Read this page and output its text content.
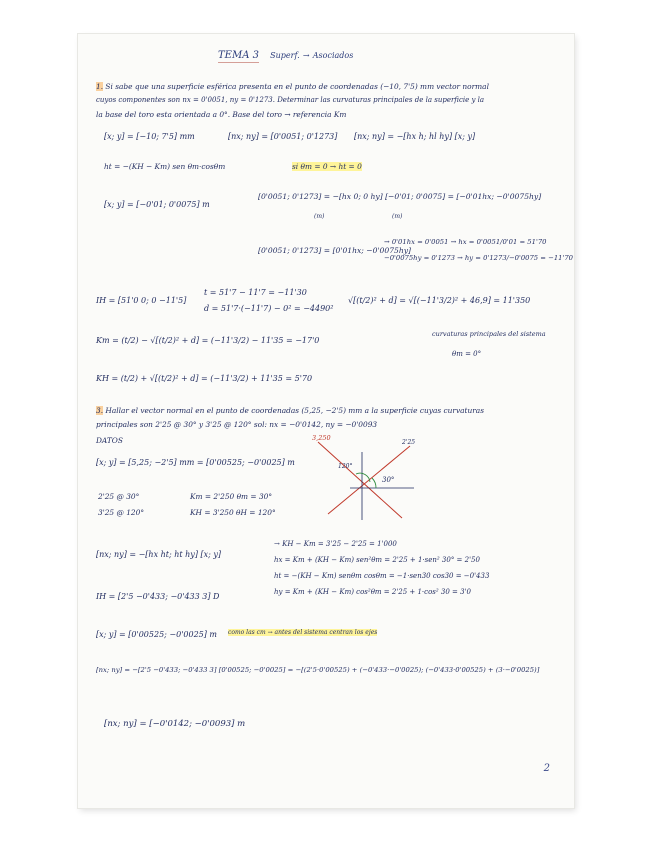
TEMA 3 Superf. → Asociados
1. Si sabe que una superficie esférica presenta en el punto de coordenadas (−10, 7'5) mm vector normal
cuyos componentes son nx = 0'0051, ny = 0'1273. Determinar las curvaturas principales de la superficie y la
la base del toro esta orientada a 0°. Base del toro → referencia Km
[x; y] = [−10; 7'5] mm	[nx; ny] = [0'0051; 0'1273] [nx; ny] = −[hx h; hl hy] [x; y]
ht = −(KH − Km) sen θm·cosθm	si θm = 0 → ht = 0
[x; y] = [−0'01; 0'0075] m
[0'0051; 0'1273] = −[hx 0; 0 hy] [−0'01; 0'0075] = [−0'01hx; −0'0075hy]
(m)	(m)
[0'0051; 0'1273] = [0'01hx; −0'0075hy]
→ 0'01hx = 0'0051 → hx = 0'0051/0'01 = 51'70
−0'0075hy = 0'1273 → hy = 0'1273/−0'0075 = −11'70
IH = [51'0 0; 0 −11'5]
t = 51'7 − 11'7 = −11'30
d = 51'7·(−11'7) − 0² = −4490²
√[(t/2)² + d] = √[(−11'3/2)² + 46,9] = 11'350
Km = (t/2) − √[(t/2)² + d] = (−11'3/2) − 11'35 = −17'0
KH = (t/2) + √[(t/2)² + d] = (−11'3/2) + 11'35 = 5'70
curvaturas principales del sistema
θm = 0°
3. Hallar el vector normal en el punto de coordenadas (5,25, −2'5) mm a la superficie cuyas curvaturas
principales son 2'25 @ 30° y 3'25 @ 120° sol: nx = −0'0142, ny = −0'0093
DATOS
[x; y] = [5,25; −2'5] mm = [0'00525; −0'0025] m
3,250
2'25
120°
30°
2'25 @ 30°
3'25 @ 120°
Km = 2'250 θm = 30°
KH = 3'250 θH = 120°
[nx; ny] = −[hx ht; ht hy] [x; y]
→ KH − Km = 3'25 − 2'25 = 1'000
hx = Km + (KH − Km) sen²θm = 2'25 + 1·sen² 30° = 2'50
ht = −(KH − Km) senθm cosθm = −1·sen30 cos30 = −0'433
hy = Km + (KH − Km) cos²θm = 2'25 + 1·cos² 30 = 3'0
IH = [2'5 −0'433; −0'433 3] D
[x; y] = [0'00525; −0'0025] m como las cm → antes del sistema centran los ejes
[nx; ny] = −[2'5 −0'433; −0'433 3] [0'00525; −0'0025] = −[(2'5·0'00525) + (−0'433·−0'0025); (−0'433·0'00525) + (3·−0'0025)]
[nx; ny] = [−0'0142; −0'0093] m
2
